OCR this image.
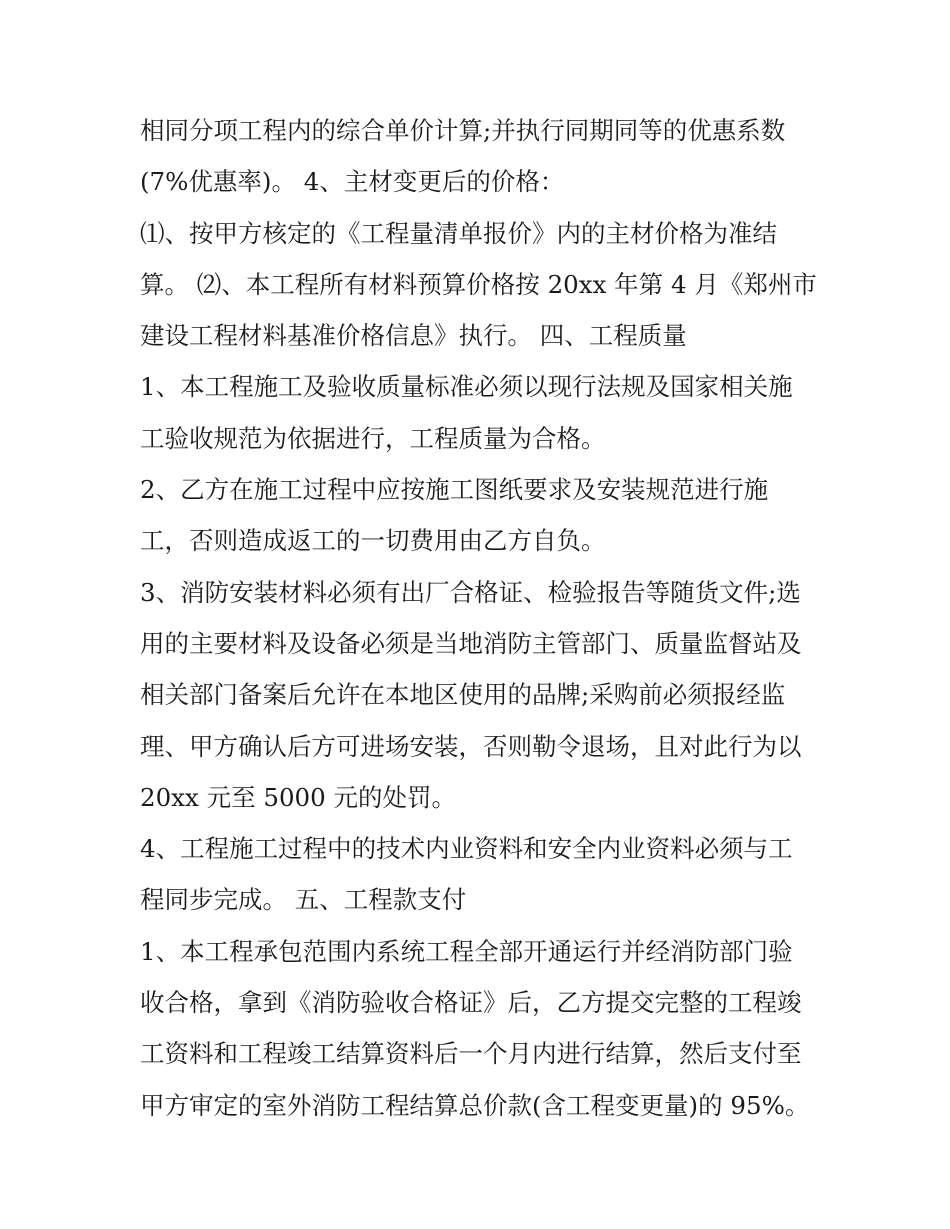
相同分项工程内的综合单价计算;并执行同期同等的优惠系数
(7%优惠率)。 4、主材变更后的价格：
⑴、按甲方核定的《工程量清单报价》内的主材价格为准结
算。 ⑵、本工程所有材料预算价格按 20xx 年第 4 月《郑州市
建设工程材料基准价格信息》执行。 四、工程质量
1、本工程施工及验收质量标准必须以现行法规及国家相关施
工验收规范为依据进行，工程质量为合格。
2、乙方在施工过程中应按施工图纸要求及安装规范进行施
工，否则造成返工的一切费用由乙方自负。
3、消防安装材料必须有出厂合格证、检验报告等随货文件;选
用的主要材料及设备必须是当地消防主管部门、质量监督站及
相关部门备案后允许在本地区使用的品牌;采购前必须报经监
理、甲方确认后方可进场安装，否则勒令退场，且对此行为以
20xx 元至 5000 元的处罚。
4、工程施工过程中的技术内业资料和安全内业资料必须与工
程同步完成。 五、工程款支付
1、本工程承包范围内系统工程全部开通运行并经消防部门验
收合格，拿到《消防验收合格证》后，乙方提交完整的工程竣
工资料和工程竣工结算资料后一个月内进行结算，然后支付至
甲方审定的室外消防工程结算总价款(含工程变更量)的 95%。
